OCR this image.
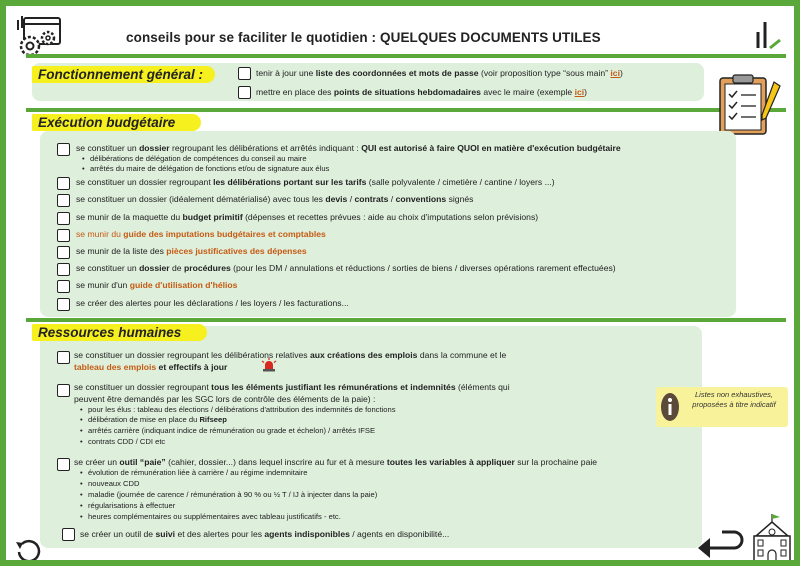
conseils pour se faciliter le quotidien : QUELQUES DOCUMENTS UTILES
Fonctionnement général :	tenir à jour une liste des coordonnées et mots de passe (voir proposition type “sous main” ici)
mettre en place des points de situations hebdomadaires avec le maire (exemple ici)
Exécution budgétaire
se constituer un dossier regroupant les délibérations et arrêtés indiquant : QUI est autorisé à faire QUOI en matière d'exécution budgétaire
• délibérations de délégation de compétences du conseil au maire
• arrêtés du maire de délégation de fonctions et/ou de signature aux élus
se constituer un dossier regroupant les délibérations portant sur les tarifs (salle polyvalente / cimetière / cantine / loyers ...)
se constituer un dossier (idéalement dématérialisé) avec tous les devis / contrats / conventions signés
se munir de la maquette du budget primitif (dépenses et recettes prévues : aide au choix d'imputations selon prévisions)
se munir du guide des imputations budgétaires et comptables
se munir de la liste des pièces justificatives des dépenses
se constituer un dossier de procédures (pour les DM / annulations et réductions / sorties de biens / diverses opérations rarement effectuées)
se munir d'un guide d'utilisation d'hélios
se créer des alertes pour les déclarations / les loyers / les facturations...
Ressources humaines
se constituer un dossier regroupant les délibérations relatives aux créations des emplois dans la commune et le
tableau des emplois et effectifs à jour
se constituer un dossier regroupant tous les éléments justifiant les rémunérations et indemnités (éléments qui
peuvent être demandés par les SGC lors de contrôle des éléments de la paie) :
• pour les élus : tableau des élections / délibérations d'attribution des indemnités de fonctions
• délibération de mise en place du Rifseep
• arrêtés carrière (indiquant indice de rémunération ou grade et échelon) / arrêtés IFSE
• contrats CDD / CDI etc
se créer un outil “paie” (cahier, dossier...) dans lequel inscrire au fur et à mesure toutes les variables à appliquer sur la prochaine paie
• évolution de rémunération liée à carrière / au régime indemnitaire
• nouveaux CDD
• maladie (journée de carence / rémunération à 90 % ou ½ T / IJ à injecter dans la paie)
• régularisations à effectuer
• heures complémentaires ou supplémentaires avec tableau justificatifs - etc.
se créer un outil de suivi et des alertes pour les agents indisponibles / agents en disponibilité...
Listes non exhaustives, proposées à titre indicatif
